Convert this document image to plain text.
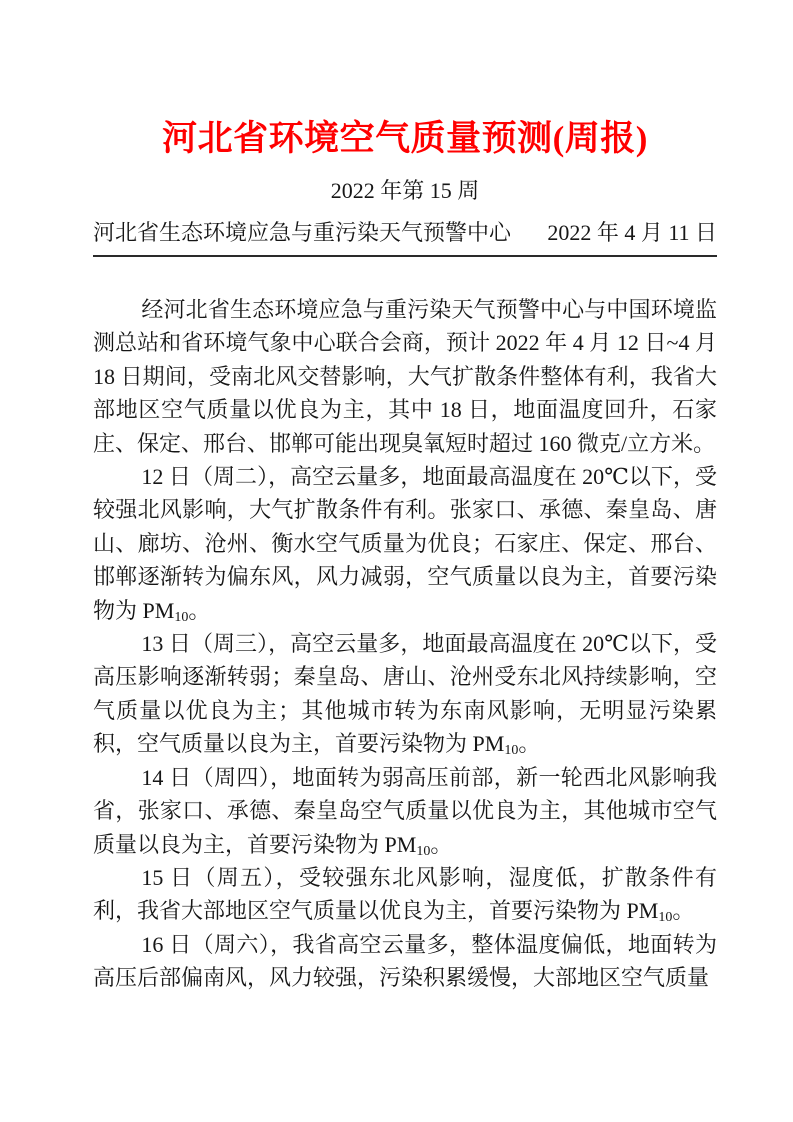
河北省环境空气质量预测(周报)
2022 年第 15 周
河北省生态环境应急与重污染天气预警中心 2022 年 4 月 11 日

经河北省生态环境应急与重污染天气预警中心与中国环境监测总站和省环境气象中心联合会商，预计 2022 年 4 月 12 日~4 月 18 日期间，受南北风交替影响，大气扩散条件整体有利，我省大部地区空气质量以优良为主，其中 18 日，地面温度回升，石家庄、保定、邢台、邯郸可能出现臭氧短时超过 160 微克/立方米。

12 日（周二），高空云量多，地面最高温度在 20℃以下，受较强北风影响，大气扩散条件有利。张家口、承德、秦皇岛、唐山、廊坊、沧州、衡水空气质量为优良；石家庄、保定、邢台、邯郸逐渐转为偏东风，风力减弱，空气质量以良为主，首要污染物为 $PM_{10}$。

13 日（周三），高空云量多，地面最高温度在 20℃以下，受高压影响逐渐转弱；秦皇岛、唐山、沧州受东北风持续影响，空气质量以优良为主；其他城市转为东南风影响，无明显污染累积，空气质量以良为主，首要污染物为 $PM_{10}$。

14 日（周四），地面转为弱高压前部，新一轮西北风影响我省，张家口、承德、秦皇岛空气质量以优良为主，其他城市空气质量以良为主，首要污染物为 $PM_{10}$。

15 日（周五），受较强东北风影响，湿度低，扩散条件有利，我省大部地区空气质量以优良为主，首要污染物为 $PM_{10}$。

16 日（周六），我省高空云量多，整体温度偏低，地面转为高压后部偏南风，风力较强，污染积累缓慢，大部地区空气质量
